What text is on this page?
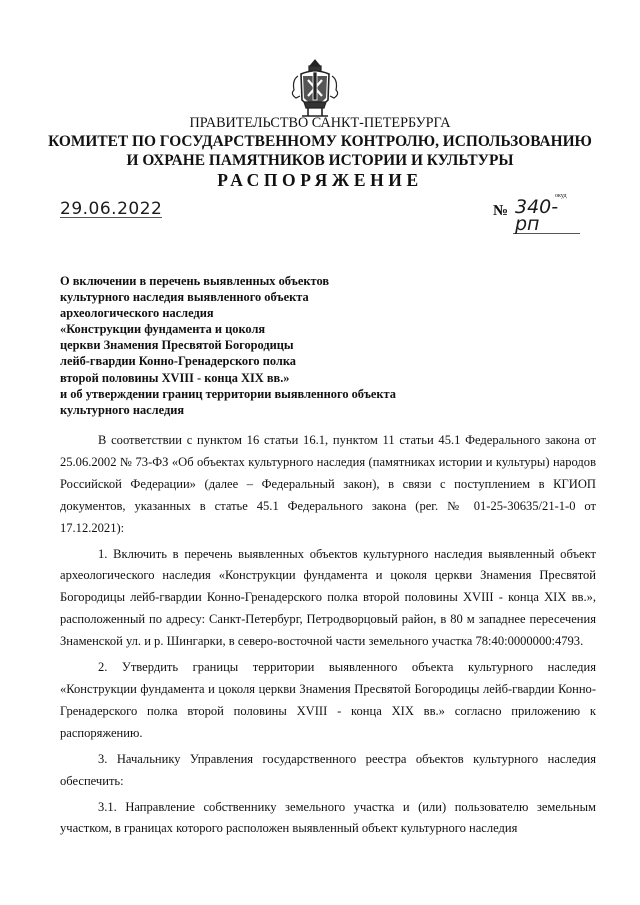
ПРАВИТЕЛЬСТВО САНКТ-ПЕТЕРБУРГА
КОМИТЕТ ПО ГОСУДАРСТВЕННОМУ КОНТРОЛЮ, ИСПОЛЬЗОВАНИЮ
И ОХРАНЕ ПАМЯТНИКОВ ИСТОРИИ И КУЛЬТУРЫ
РАСПОРЯЖЕНИЕ
29.06.2022
окуд
№ 340-рп
О включении в перечень выявленных объектов
культурного наследия выявленного объекта
археологического наследия
«Конструкции фундамента и цоколя
церкви Знамения Пресвятой Богородицы
лейб-гвардии Конно-Гренадерского полка
второй половины XVIII - конца XIX вв.»
и об утверждении границ территории выявленного объекта
культурного наследия

В соответствии с пунктом 16 статьи 16.1, пунктом 11 статьи 45.1 Федерального закона от 25.06.2002 № 73-ФЗ «Об объектах культурного наследия (памятниках истории и культуры) народов Российской Федерации» (далее – Федеральный закон), в связи с поступлением в КГИОП документов, указанных в статье 45.1 Федерального закона (рег. № 01-25-30635/21-1-0 от 17.12.2021):

1. Включить в перечень выявленных объектов культурного наследия выявленный объект археологического наследия «Конструкции фундамента и цоколя церкви Знамения Пресвятой Богородицы лейб-гвардии Конно-Гренадерского полка второй половины XVIII - конца XIX вв.», расположенный по адресу: Санкт-Петербург, Петродворцовый район, в 80 м западнее пересечения Знаменской ул. и р. Шингарки, в северо-восточной части земельного участка 78:40:0000000:4793.

2. Утвердить границы территории выявленного объекта культурного наследия «Конструкции фундамента и цоколя церкви Знамения Пресвятой Богородицы лейб-гвардии Конно-Гренадерского полка второй половины XVIII - конца XIX вв.» согласно приложению к распоряжению.

3. Начальнику Управления государственного реестра объектов культурного наследия обеспечить:

3.1. Направление собственнику земельного участка и (или) пользователю земельным участком, в границах которого расположен выявленный объект культурного наследия
